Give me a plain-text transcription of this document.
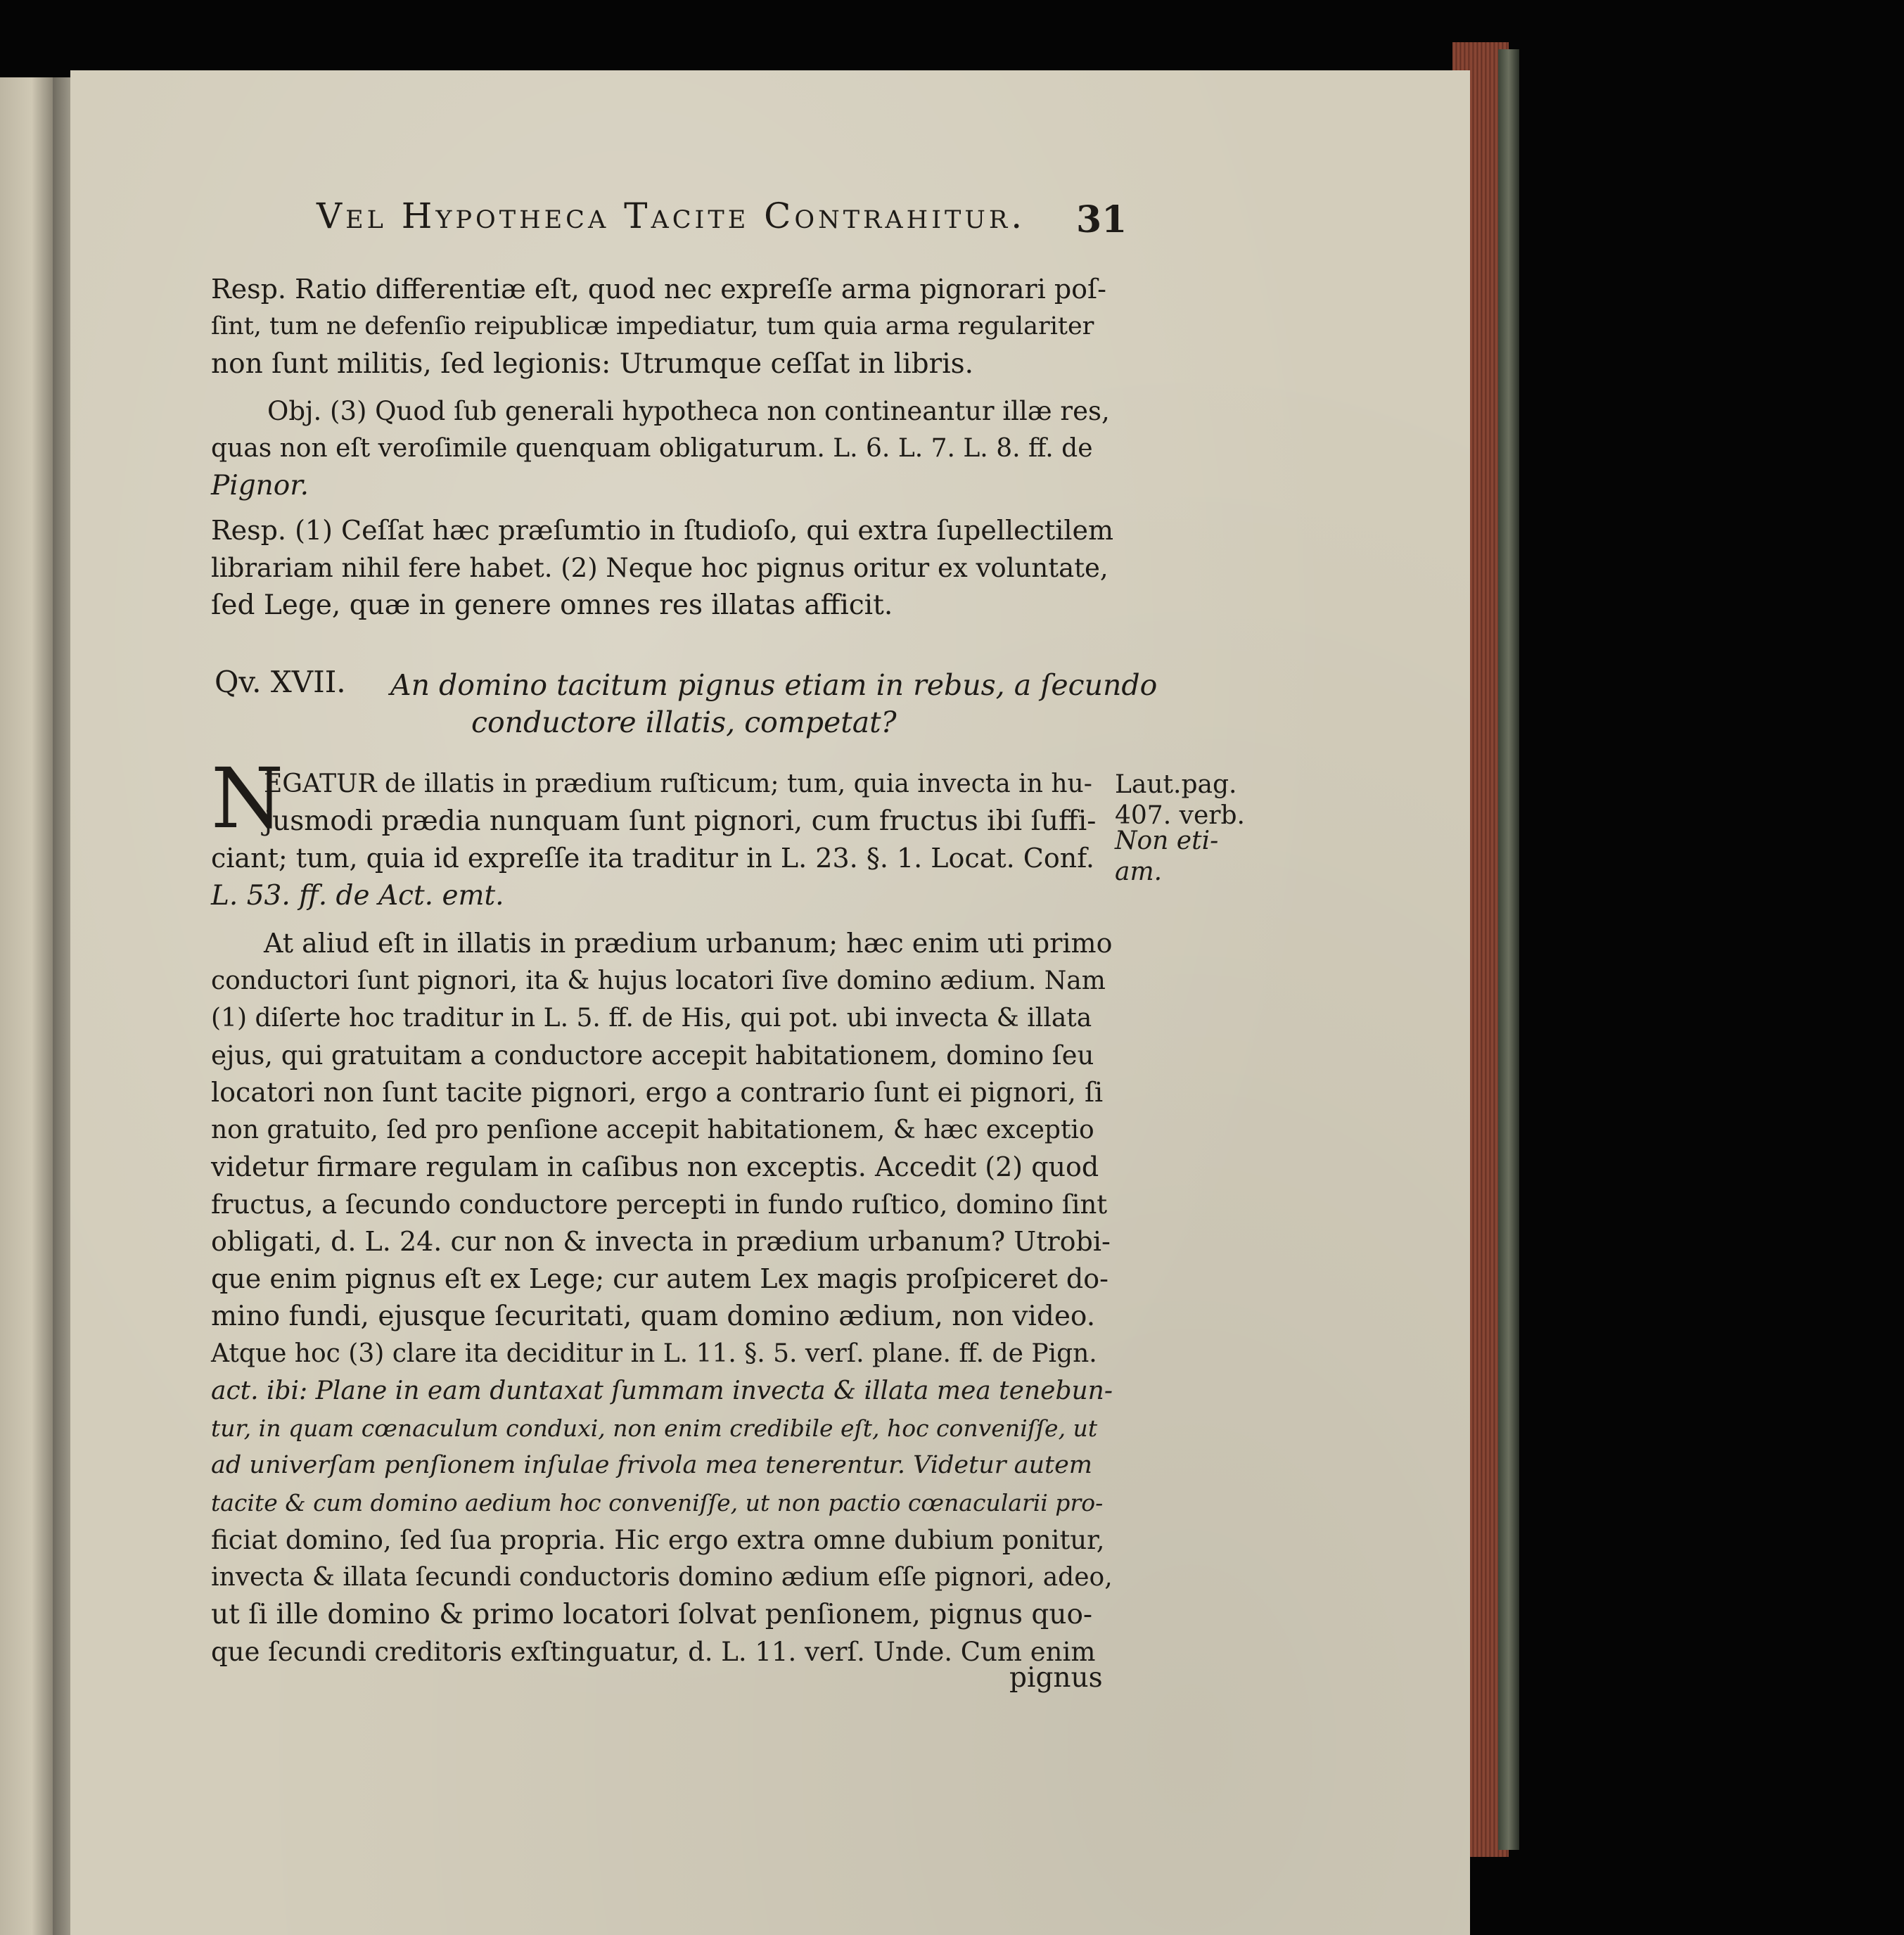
Vel Hypotheca Tacite Contrahitur. 31
Resp. Ratio differentiæ eſt, quod nec expreſſe arma pignorari poſ-
ſint, tum ne defenſio reipublicæ impediatur, tum quia arma regulariter
non ſunt militis, ſed legionis: Utrumque ceſſat in libris.
Obj. (3) Quod ſub generali hypotheca non contineantur illæ res,
quas non eſt veroſimile quenquam obligaturum. L. 6. L. 7. L. 8. ff. de
Pignor.
Resp. (1) Ceſſat hæc præſumtio in ſtudioſo, qui extra ſupellectilem
librariam nihil fere habet. (2) Neque hoc pignus oritur ex voluntate,
ſed Lege, quæ in genere omnes res illatas afficit.
Qv. XVII. An domino tacitum pignus etiam in rebus, a ſecundo
conductore illatis, competat?
N
EGATUR de illatis in prædium ruſticum; tum, quia invecta in hu-
jusmodi prædia nunquam ſunt pignori, cum fructus ibi ſuffi-
ciant; tum, quia id expreſſe ita traditur in L. 23. §. 1. Locat. Conf.
L. 53. ff. de Act. emt.
Laut.pag.
407. verb.
Non eti-
am.
At aliud eſt in illatis in prædium urbanum; hæc enim uti primo
conductori ſunt pignori, ita & hujus locatori ſive domino ædium. Nam
(1) diſerte hoc traditur in L. 5. ff. de His, qui pot. ubi invecta & illata
ejus, qui gratuitam a conductore accepit habitationem, domino ſeu
locatori non ſunt tacite pignori, ergo a contrario ſunt ei pignori, ſi
non gratuito, ſed pro penſione accepit habitationem, & hæc exceptio
videtur firmare regulam in caſibus non exceptis. Accedit (2) quod
fructus, a ſecundo conductore percepti in fundo ruſtico, domino ſint
obligati, d. L. 24. cur non & invecta in prædium urbanum? Utrobi-
que enim pignus eſt ex Lege; cur autem Lex magis proſpiceret do-
mino fundi, ejusque ſecuritati, quam domino ædium, non video.
Atque hoc (3) clare ita deciditur in L. 11. §. 5. verſ. plane. ff. de Pign.
act. ibi: Plane in eam duntaxat ſummam invecta & illata mea tenebun-
tur, in quam cœnaculum conduxi, non enim credibile eſt, hoc conveniſſe, ut
ad univerſam penſionem inſulae frivola mea tenerentur. Videtur autem
tacite & cum domino aedium hoc conveniſſe, ut non pactio cœnacularii pro-
ficiat domino, ſed ſua propria. Hic ergo extra omne dubium ponitur,
invecta & illata ſecundi conductoris domino ædium eſſe pignori, adeo,
ut ſi ille domino & primo locatori ſolvat penſionem, pignus quo-
que ſecundi creditoris exſtinguatur, d. L. 11. verſ. Unde. Cum enim
pignus
